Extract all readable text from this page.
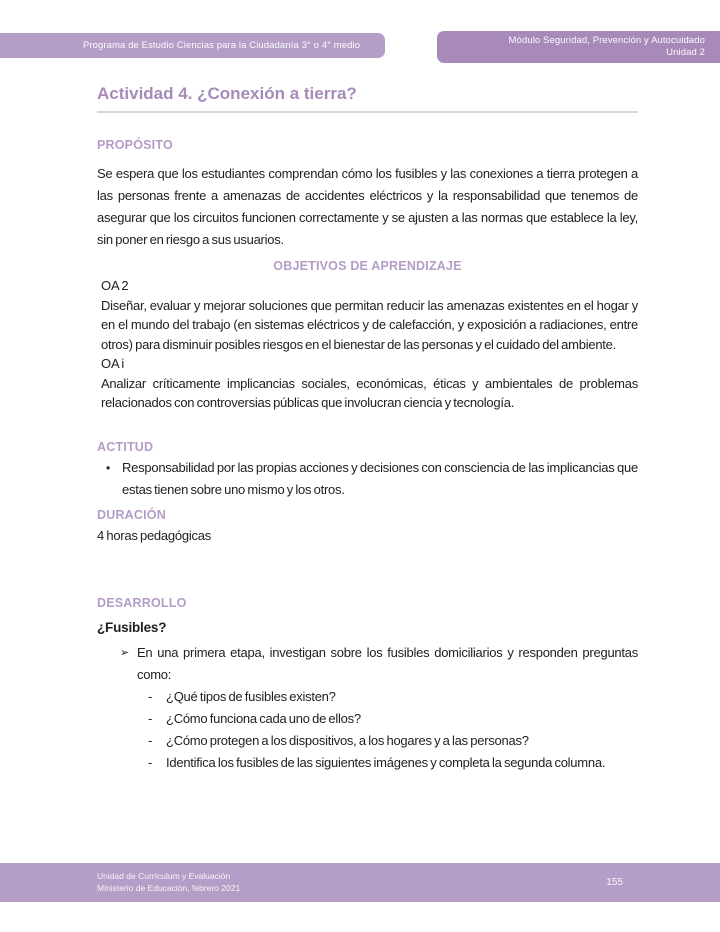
Programa de Estudio Ciencias para la Ciudadanía 3° o 4° medio	Módulo Seguridad, Prevención y Autocuidado
Unidad 2
Actividad 4. ¿Conexión a tierra?
PROPÓSITO
Se espera que los estudiantes comprendan cómo los fusibles y las conexiones a tierra protegen a las personas frente a amenazas de accidentes eléctricos y la responsabilidad que tenemos de asegurar que los circuitos funcionen correctamente y se ajusten a las normas que establece la ley, sin poner en riesgo a sus usuarios.
OBJETIVOS DE APRENDIZAJE
OA 2
Diseñar, evaluar y mejorar soluciones que permitan reducir las amenazas existentes en el hogar y en el mundo del trabajo (en sistemas eléctricos y de calefacción, y exposición a radiaciones, entre otros) para disminuir posibles riesgos en el bienestar de las personas y el cuidado del ambiente.
OA i
Analizar críticamente implicancias sociales, económicas, éticas y ambientales de problemas relacionados con controversias públicas que involucran ciencia y tecnología.
ACTITUD
• Responsabilidad por las propias acciones y decisiones con consciencia de las implicancias que estas tienen sobre uno mismo y los otros.
DURACIÓN
4 horas pedagógicas
DESARROLLO
¿Fusibles?
➢ En una primera etapa, investigan sobre los fusibles domiciliarios y responden preguntas como:
-	¿Qué tipos de fusibles existen?
-	¿Cómo funciona cada uno de ellos?
-	¿Cómo protegen a los dispositivos, a los hogares y a las personas?
-	Identifica los fusibles de las siguientes imágenes y completa la segunda columna.
Unidad de Currículum y Evaluación
Ministerio de Educación, febrero 2021	155
